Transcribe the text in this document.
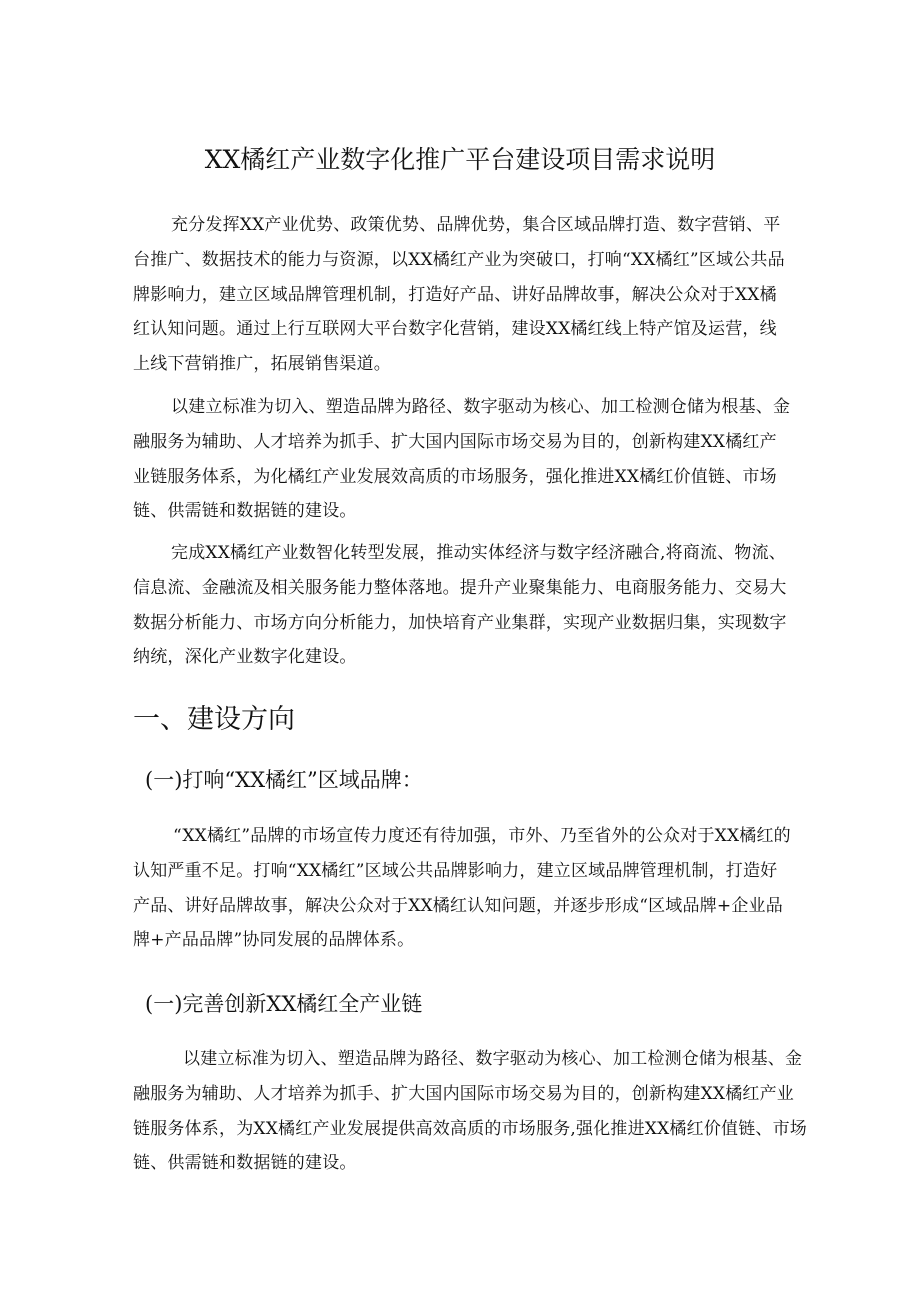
XX橘红产业数字化推广平台建设项目需求说明

充分发挥XX产业优势、政策优势、品牌优势，集合区域品牌打造、数字营销、平台推广、数据技术的能力与资源，以XX橘红产业为突破口，打响“XX橘红”区域公共品牌影响力，建立区域品牌管理机制，打造好产品、讲好品牌故事，解决公众对于XX橘红认知问题。通过上行互联网大平台数字化营销，建设XX橘红线上特产馆及运营，线上线下营销推广，拓展销售渠道。

以建立标准为切入、塑造品牌为路径、数字驱动为核心、加工检测仓储为根基、金融服务为辅助、人才培养为抓手、扩大国内国际市场交易为目的，创新构建XX橘红产业链服务体系，为化橘红产业发展效高质的市场服务，强化推进XX橘红价值链、市场链、供需链和数据链的建设。

完成XX橘红产业数智化转型发展，推动实体经济与数字经济融合,将商流、物流、信息流、金融流及相关服务能力整体落地。提升产业聚集能力、电商服务能力、交易大数据分析能力、市场方向分析能力，加快培育产业集群，实现产业数据归集，实现数字纳统，深化产业数字化建设。

一、建设方向
(一)打响“XX橘红”区域品牌：

“XX橘红”品牌的市场宣传力度还有待加强，市外、乃至省外的公众对于XX橘红的认知严重不足。打响“XX橘红”区域公共品牌影响力，建立区域品牌管理机制，打造好产品、讲好品牌故事，解决公众对于XX橘红认知问题，并逐步形成“区域品牌+企业品牌+产品品牌”协同发展的品牌体系。

(一)完善创新XX橘红全产业链

以建立标准为切入、塑造品牌为路径、数字驱动为核心、加工检测仓储为根基、金融服务为辅助、人才培养为抓手、扩大国内国际市场交易为目的，创新构建XX橘红产业链服务体系，为XX橘红产业发展提供高效高质的市场服务,强化推进XX橘红价值链、市场链、供需链和数据链的建设。
